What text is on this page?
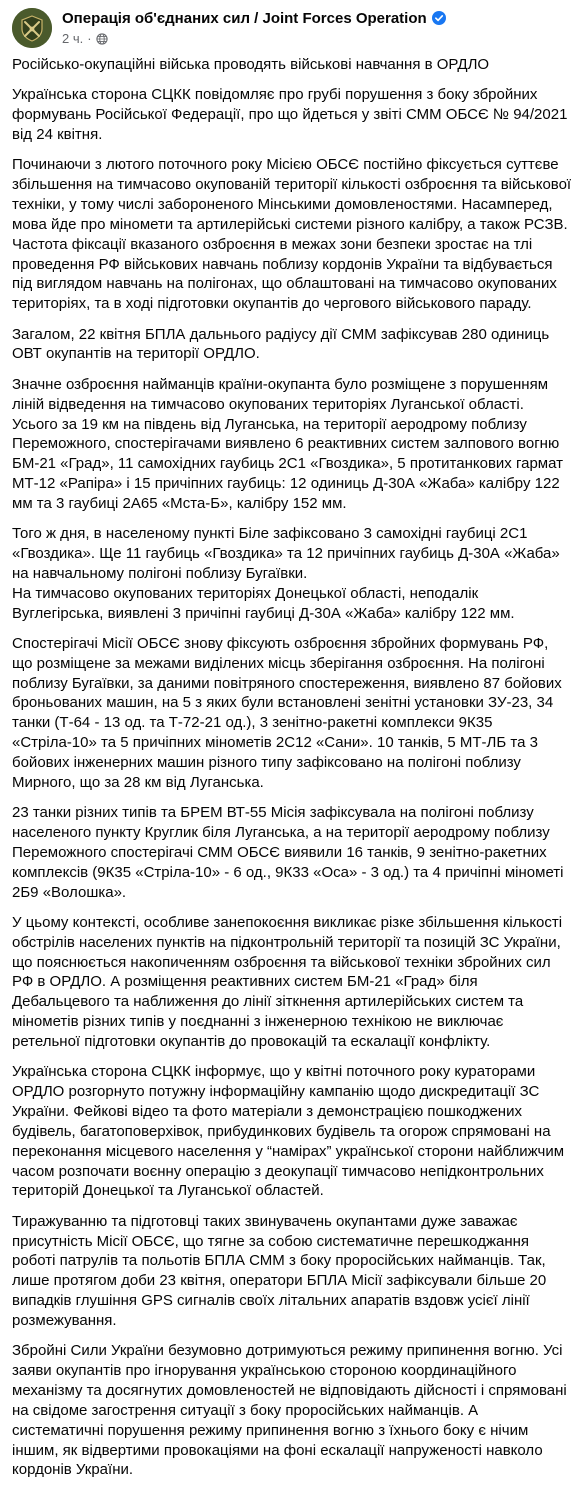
Операція об'єднаних сил / Joint Forces Operation
2 ч. ·

Російсько-окупаційні війська проводять військові навчання в ОРДЛО

Українська сторона СЦКК повідомляє про грубі порушення з боку збройних формувань Російської Федерації, про що йдеться у звіті СММ ОБСЄ № 94/2021 від 24 квітня.

Починаючи з лютого поточного року Місією ОБСЄ постійно фіксується суттєве збільшення на тимчасово окупованій території кількості озброєння та військової техніки, у тому числі забороненого Мінськими домовленостями. Насамперед, мова йде про міномети та артилерійські системи різного калібру, а також РСЗВ. Частота фіксації вказаного озброєння в межах зони безпеки зростає на тлі проведення РФ військових навчань поблизу кордонів України та відбувається під виглядом навчань на полігонах, що облаштовані на тимчасово окупованих територіях, та в ході підготовки окупантів до чергового військового параду.

Загалом, 22 квітня БПЛА дальнього радіусу дії СММ зафіксував 280 одиниць ОВТ окупантів на території ОРДЛО.

Значне озброєння найманців країни-окупанта було розміщене з порушенням ліній відведення на тимчасово окупованих територіях Луганської області.
Усього за 19 км на південь від Луганська, на території аеродрому поблизу Переможного, спостерігачами виявлено 6 реактивних систем залпового вогню БМ-21 «Град», 11 самохідних гаубиць 2С1 «Гвоздика», 5 протитанкових гармат МТ-12 «Рапіра» і 15 причіпних гаубиць: 12 одиниць Д-30А «Жаба» калібру 122 мм та 3 гаубиці 2А65 «Мста-Б», калібру 152 мм.

Того ж дня, в населеному пункті Біле зафіксовано 3 самохідні гаубиці 2С1 «Гвоздика». Ще 11 гаубиць «Гвоздика» та 12 причіпних гаубиць Д-30А «Жаба» на навчальному полігоні поблизу Бугаївки.
На тимчасово окупованих територіях Донецької області, неподалік Вуглегірська, виявлені 3 причіпні гаубиці Д-30А «Жаба» калібру 122 мм.

Спостерігачі Місії ОБСЄ знову фіксують озброєння збройних формувань РФ, що розміщене за межами виділених місць зберігання озброєння. На полігоні поблизу Бугаївки, за даними повітряного спостереження, виявлено 87 бойових броньованих машин, на 5 з яких були встановлені зенітні установки ЗУ-23, 34 танки (Т-64 - 13 од. та Т-72-21 од.), 3 зенітно-ракетні комплекси 9К35 «Стріла-10» та 5 причіпних мінометів 2С12 «Сани». 10 танків, 5 МТ-ЛБ та 3 бойових інженерних машин різного типу зафіксовано на полігоні поблизу Мирного, що за 28 км від Луганська.

23 танки різних типів та БРЕМ ВТ-55 Місія зафіксувала на полігоні поблизу населеного пункту Круглик біля Луганська, а на території аеродрому поблизу Переможного спостерігачі СММ ОБСЄ виявили 16 танків, 9 зенітно-ракетних комплексів (9К35 «Стріла-10» - 6 од., 9К33 «Оса» - 3 од.) та 4 причіпні мінометі 2Б9 «Волошка».

У цьому контексті, особливе занепокоєння викликає різке збільшення кількості обстрілів населених пунктів на підконтрольній території та позицій ЗС України, що пояснюється накопиченням озброєння та військової техніки збройних сил РФ в ОРДЛО. А розміщення реактивних систем БМ-21 «Град» біля Дебальцевого та наближення до лінії зіткнення артилерійських систем та мінометів різних типів у поєднанні з інженерною технікою не виключає ретельної підготовки окупантів до провокацій та ескалації конфлікту.

Українська сторона СЦКК інформує, що у квітні поточного року кураторами ОРДЛО розгорнуто потужну інформаційну кампанію щодо дискредитації ЗС України. Фейкові відео та фото матеріали з демонстрацією пошкоджених будівель, багатоповерхівок, прибудинкових будівель та огорож спрямовані на переконання місцевого населення у “намірах” української сторони найближчим часом розпочати воєнну операцію з деокупації тимчасово непідконтрольних територій Донецької та Луганської областей.

Тиражуванню та підготовці таких звинувачень окупантами дуже заважає присутність Місії ОБСЄ, що тягне за собою систематичне перешкоджання роботі патрулів та польотів БПЛА СММ з боку проросійських найманців. Так, лише протягом доби 23 квітня, оператори БПЛА Місії зафіксували більше 20 випадків глушіння GPS сигналів своїх літальних апаратів вздовж усієї лінії розмежування.

Збройні Сили України безумовно дотримуються режиму припинення вогню. Усі заяви окупантів про ігнорування українською стороною координаційного механізму та досягнутих домовленостей не відповідають дійсності і спрямовані на свідоме загострення ситуації з боку проросійських найманців. А систематичні порушення режиму припинення вогню з їхнього боку є нічим іншим, як відвертими провокаціями на фоні ескалації напруженості навколо кордонів України.
